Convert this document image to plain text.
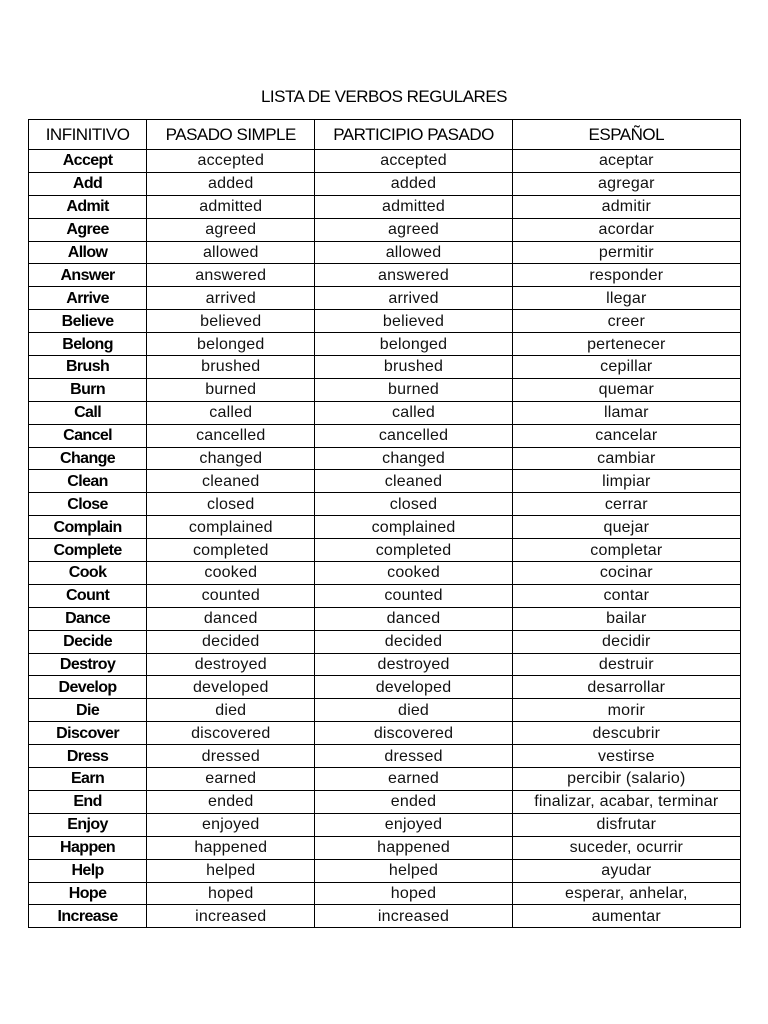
LISTA DE VERBOS REGULARES
INFINITIVO	PASADO SIMPLE	PARTICIPIO PASADO	ESPAÑOL
Accept	accepted	accepted	aceptar
Add	added	added	agregar
Admit	admitted	admitted	admitir
Agree	agreed	agreed	acordar
Allow	allowed	allowed	permitir
Answer	answered	answered	responder
Arrive	arrived	arrived	llegar
Believe	believed	believed	creer
Belong	belonged	belonged	pertenecer
Brush	brushed	brushed	cepillar
Burn	burned	burned	quemar
Call	called	called	llamar
Cancel	cancelled	cancelled	cancelar
Change	changed	changed	cambiar
Clean	cleaned	cleaned	limpiar
Close	closed	closed	cerrar
Complain	complained	complained	quejar
Complete	completed	completed	completar
Cook	cooked	cooked	cocinar
Count	counted	counted	contar
Dance	danced	danced	bailar
Decide	decided	decided	decidir
Destroy	destroyed	destroyed	destruir
Develop	developed	developed	desarrollar
Die	died	died	morir
Discover	discovered	discovered	descubrir
Dress	dressed	dressed	vestirse
Earn	earned	earned	percibir (salario)
End	ended	ended	finalizar, acabar, terminar
Enjoy	enjoyed	enjoyed	disfrutar
Happen	happened	happened	suceder, ocurrir
Help	helped	helped	ayudar
Hope	hoped	hoped	esperar, anhelar,
Increase	increased	increased	aumentar
